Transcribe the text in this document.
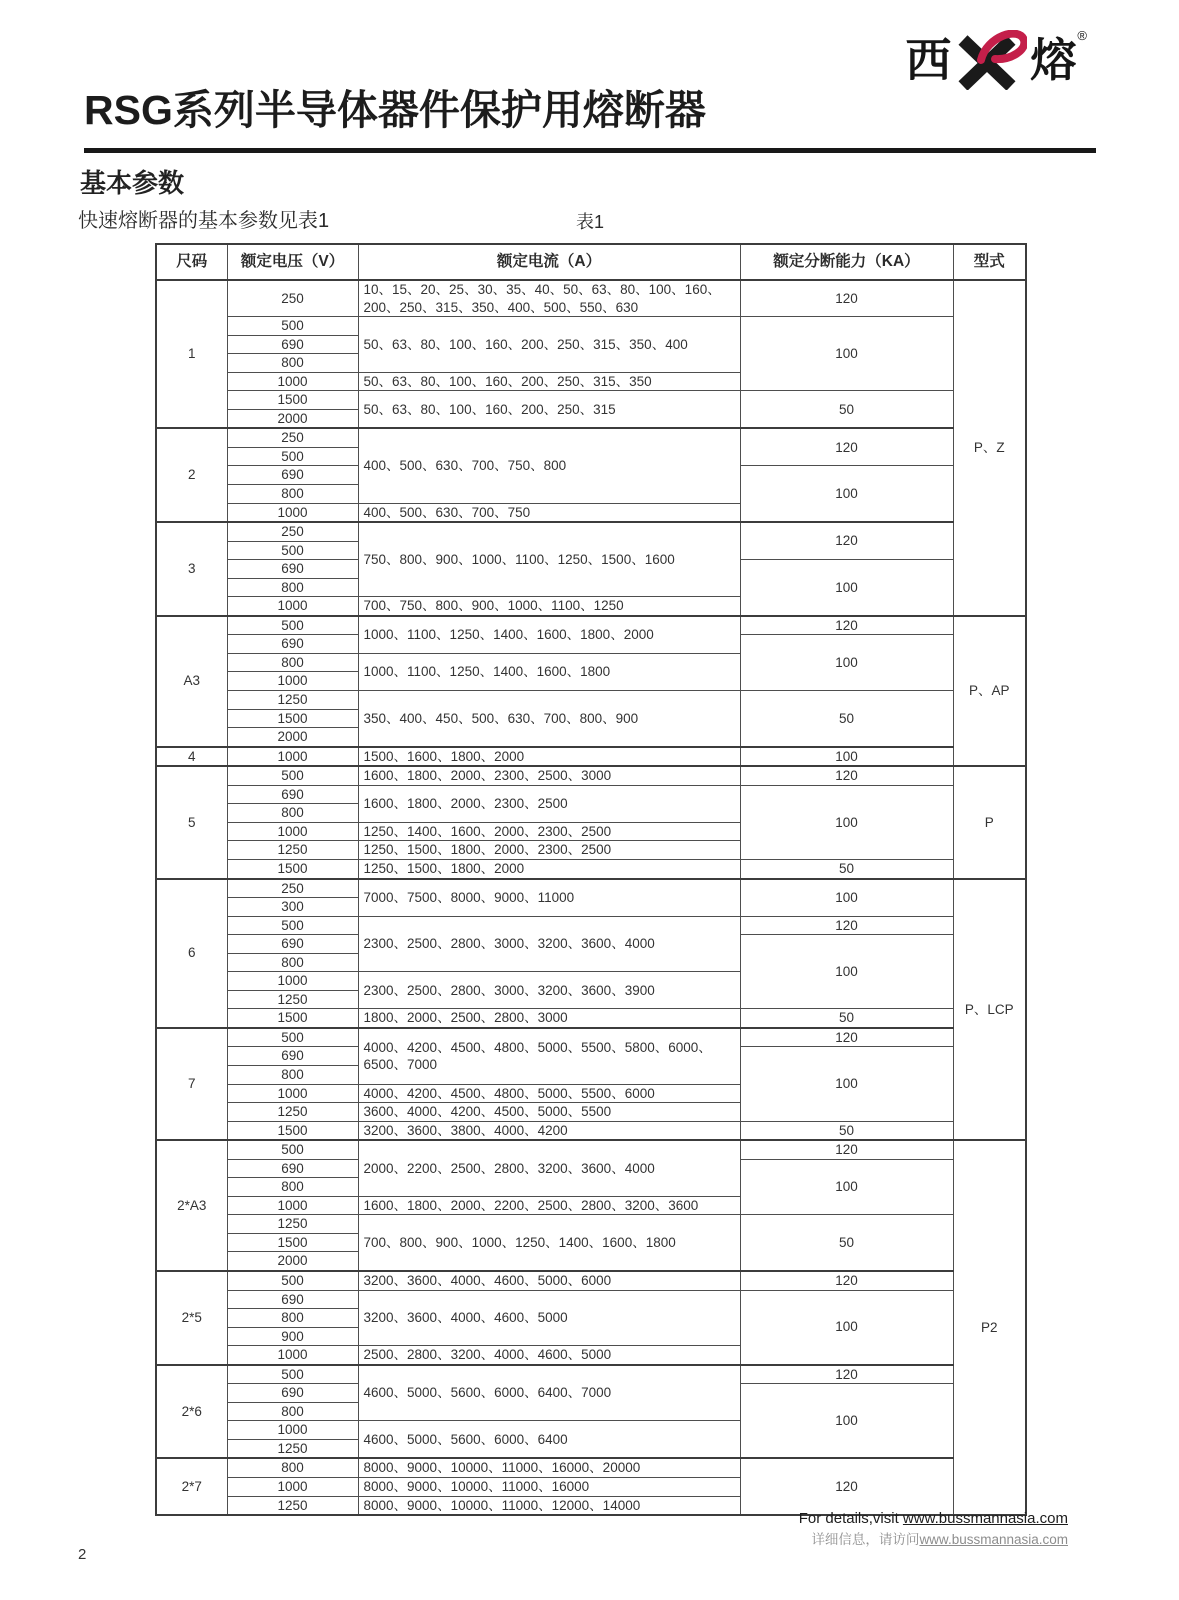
西 熔 ®
RSG系列半导体器件保护用熔断器
基本参数
快速熔断器的基本参数见表1	表1
尺码	额定电压（V）	额定电流（A）	额定分断能力（KA）	型式
1	250	10、15、20、25、30、35、40、50、63、80、100、160、200、250、315、350、400、500、550、630	120	P、Z
	500	50、63、80、100、160、200、250、315、350、400	100	
	690			
	800			
	1000	50、63、80、100、160、200、250、315、350		
	1500	50、63、80、100、160、200、250、315	50	
	2000			
2	250	400、500、630、700、750、800	120	
	500			
	690		100	
	800			
	1000	400、500、630、700、750		
3	250	750、800、900、1000、1100、1250、1500、1600	120	
	500			
	690		100	
	800			
	1000	700、750、800、900、1000、1100、1250		
A3	500	1000、1100、1250、1400、1600、1800、2000	120	P、AP
	690		100	
	800	1000、1100、1250、1400、1600、1800		
	1000			
	1250	350、400、450、500、630、700、800、900	50	
	1500			
	2000			
4	1000	1500、1600、1800、2000	100	
5	500	1600、1800、2000、2300、2500、3000	120	P
	690	1600、1800、2000、2300、2500	100	
	800			
	1000	1250、1400、1600、2000、2300、2500		
	1250	1250、1500、1800、2000、2300、2500		
	1500	1250、1500、1800、2000	50	
6	250	7000、7500、8000、9000、11000	100	P、LCP
	300			
	500	2300、2500、2800、3000、3200、3600、4000	120	
	690		100	
	800			
	1000	2300、2500、2800、3000、3200、3600、3900		
	1250			
	1500	1800、2000、2500、2800、3000	50	
7	500	4000、4200、4500、4800、5000、5500、5800、6000、6500、7000	120	
	690		100	
	800			
	1000	4000、4200、4500、4800、5000、5500、6000		
	1250	3600、4000、4200、4500、5000、5500		
	1500	3200、3600、3800、4000、4200	50	
2*A3	500	2000、2200、2500、2800、3200、3600、4000	120	P2
	690		100	
	800			
	1000	1600、1800、2000、2200、2500、2800、3200、3600		
	1250	700、800、900、1000、1250、1400、1600、1800	50	
	1500			
	2000			
2*5	500	3200、3600、4000、4600、5000、6000	120	
	690	3200、3600、4000、4600、5000	100	
	800			
	900			
	1000	2500、2800、3200、4000、4600、5000		
2*6	500	4600、5000、5600、6000、6400、7000	120	
	690		100	
	800			
	1000	4600、5000、5600、6000、6400		
	1250			
2*7	800	8000、9000、10000、11000、16000、20000	120	
	1000	8000、9000、10000、11000、16000		
	1250	8000、9000、10000、11000、12000、14000		
For details,visit www.bussmannasia.com
详细信息，请访问www.bussmannasia.com
2
